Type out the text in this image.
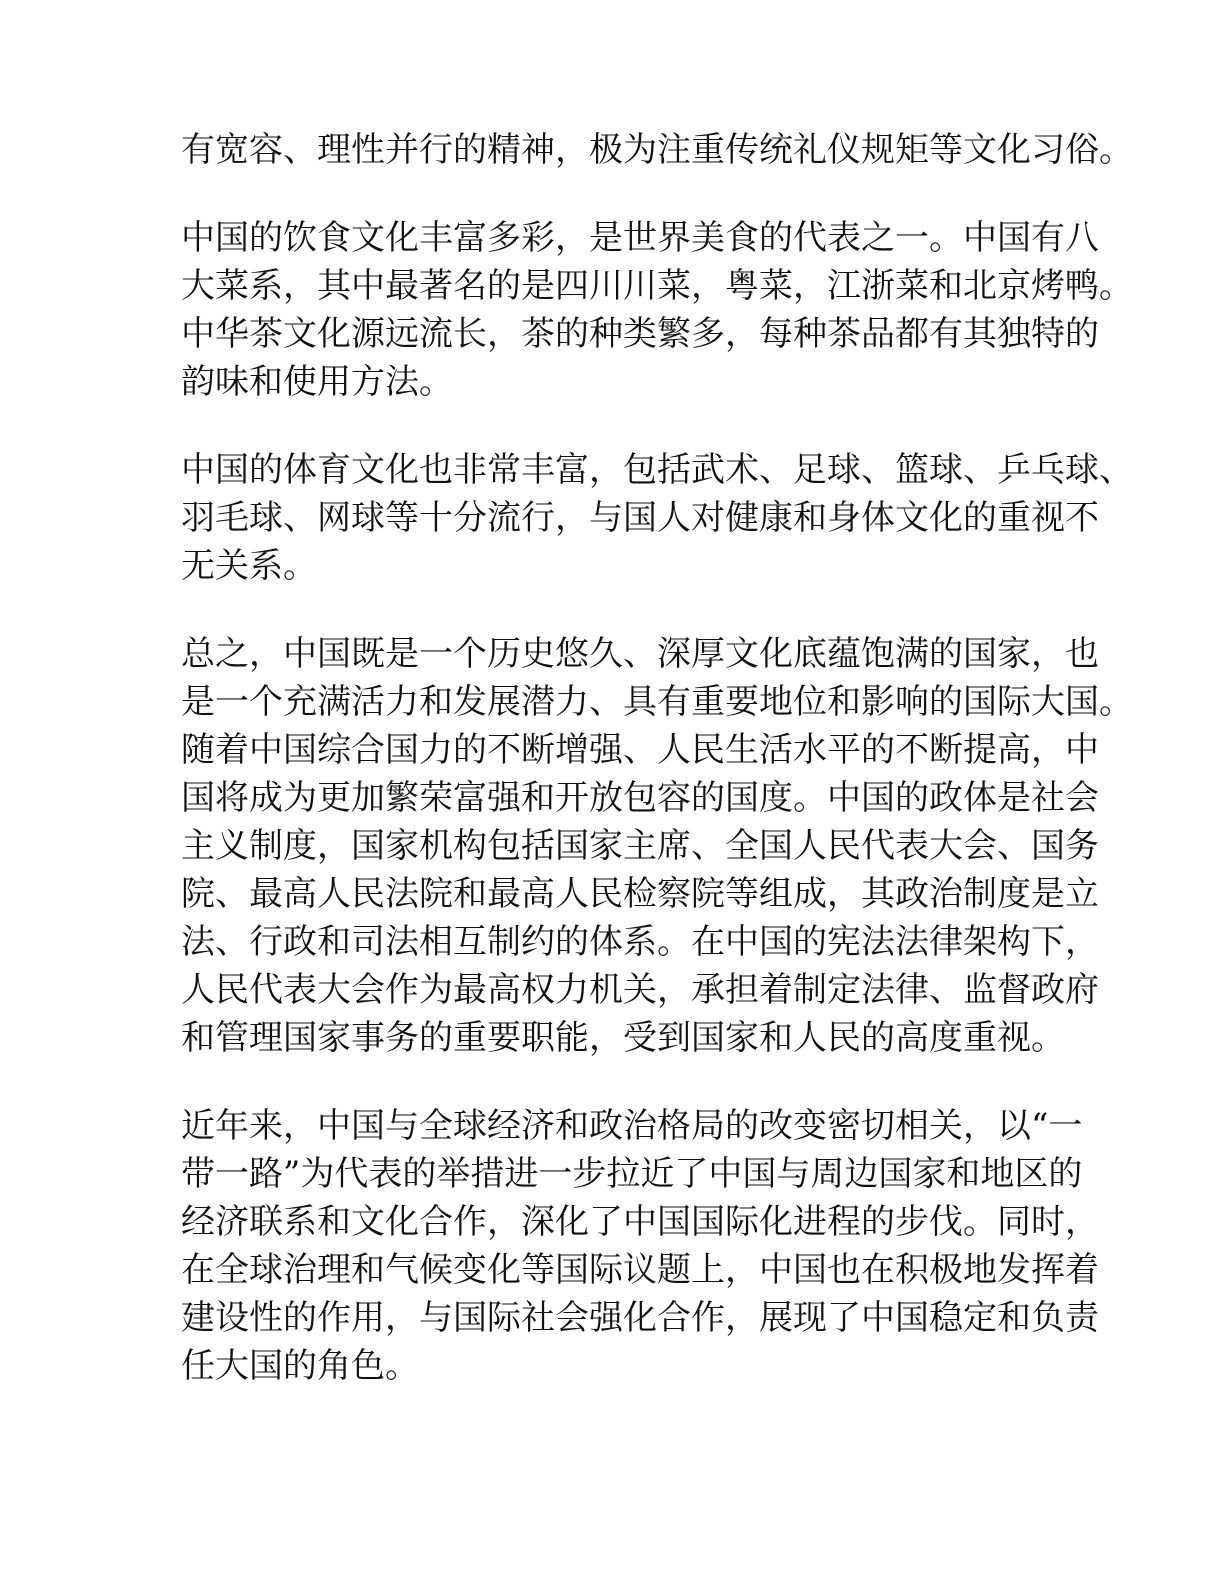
有宽容、理性并行的精神，极为注重传统礼仪规矩等文化习俗。
中国的饮食文化丰富多彩，是世界美食的代表之一。中国有八
大菜系，其中最著名的是四川川菜，粤菜，江浙菜和北京烤鸭。
中华茶文化源远流长，茶的种类繁多，每种茶品都有其独特的
韵味和使用方法。
中国的体育文化也非常丰富，包括武术、足球、篮球、乒乓球、
羽毛球、网球等十分流行，与国人对健康和身体文化的重视不
无关系。
总之，中国既是一个历史悠久、深厚文化底蕴饱满的国家，也
是一个充满活力和发展潜力、具有重要地位和影响的国际大国。
随着中国综合国力的不断增强、人民生活水平的不断提高，中
国将成为更加繁荣富强和开放包容的国度。中国的政体是社会
主义制度，国家机构包括国家主席、全国人民代表大会、国务
院、最高人民法院和最高人民检察院等组成，其政治制度是立
法、行政和司法相互制约的体系。在中国的宪法法律架构下，
人民代表大会作为最高权力机关，承担着制定法律、监督政府
和管理国家事务的重要职能，受到国家和人民的高度重视。
近年来，中国与全球经济和政治格局的改变密切相关，以“一
带一路”为代表的举措进一步拉近了中国与周边国家和地区的
经济联系和文化合作，深化了中国国际化进程的步伐。同时，
在全球治理和气候变化等国际议题上，中国也在积极地发挥着
建设性的作用，与国际社会强化合作，展现了中国稳定和负责
任大国的角色。
